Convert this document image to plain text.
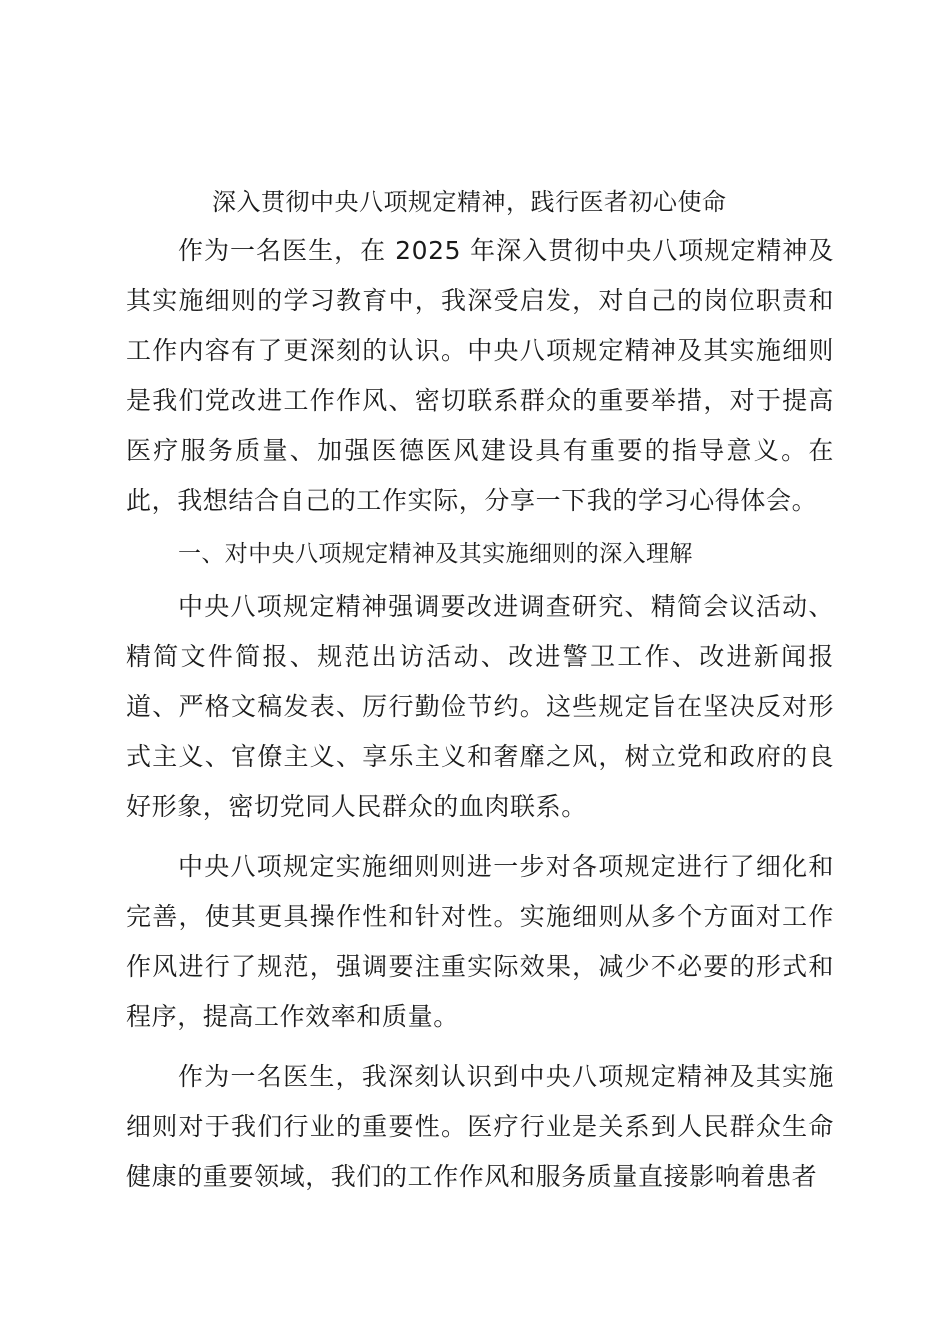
深入贯彻中央八项规定精神，践行医者初心使命

作为一名医生，在 2025 年深入贯彻中央八项规定精神及其实施细则的学习教育中，我深受启发，对自己的岗位职责和工作内容有了更深刻的认识。中央八项规定精神及其实施细则是我们党改进工作作风、密切联系群众的重要举措，对于提高医疗服务质量、加强医德医风建设具有重要的指导意义。在此，我想结合自己的工作实际，分享一下我的学习心得体会。

一、对中央八项规定精神及其实施细则的深入理解

中央八项规定精神强调要改进调查研究、精简会议活动、精简文件简报、规范出访活动、改进警卫工作、改进新闻报道、严格文稿发表、厉行勤俭节约。这些规定旨在坚决反对形式主义、官僚主义、享乐主义和奢靡之风，树立党和政府的良好形象，密切党同人民群众的血肉联系。

中央八项规定实施细则则进一步对各项规定进行了细化和完善，使其更具操作性和针对性。实施细则从多个方面对工作作风进行了规范，强调要注重实际效果，减少不必要的形式和程序，提高工作效率和质量。

作为一名医生，我深刻认识到中央八项规定精神及其实施细则对于我们行业的重要性。医疗行业是关系到人民群众生命健康的重要领域，我们的工作作风和服务质量直接影响着患者
